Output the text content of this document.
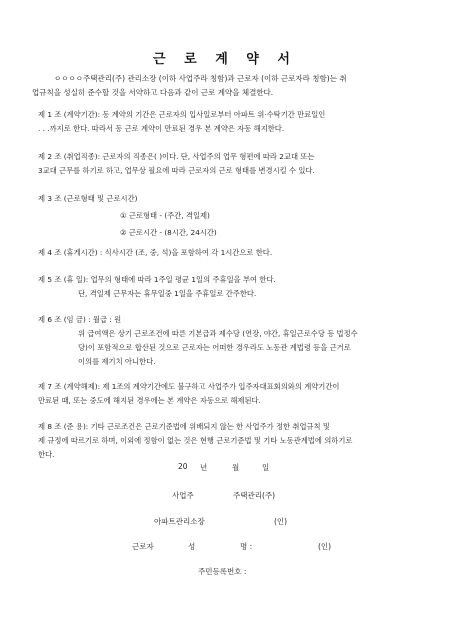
근 로 계 약 서
ㅇㅇㅇㅇ주택관리(주) 관리소장 (이하 사업주라 칭함)과 근로자 (이하 근로자라 칭함)는 취
업규칙을 성실히 준수할 것을 서약하고 다음과 같이 근로 계약을 체결한다.
제 1 조 (계약기간): 동 계약의 기간은 근로자의 입사일로부터 아파트 위·수탁기간 만료일인
. . .까지로 한다. 따라서 동 근로 계약이 만료된 경우 본 계약은 자동 해지한다.
제 2 조 (취업직종): 근로자의 직종은( )이다. 단, 사업주의 업무 형편에 따라 2교대 또는
3교대 근무를 하기로 하고, 업무상 필요에 따라 근로자의 근로 형태를 변경시킬 수 있다.
제 3 조 (근로형태 및 근로시간)
① 근로형태 - (주간, 격일제)
② 근로시간 - (8시간, 24시간)
제 4 조 (휴게시간) : 식사시간 (조, 중, 석)을 포함하여 각 1시간으로 한다.
제 5 조 (휴 일): 업무의 형태에 따라 1주일 평균 1일의 주휴일을 부여 한다.
단, 격일제 근무자는 휴무일중 1일을 주휴일로 간주한다.
제 6 조 (임 금) : 월급 : 원
위 급여액은 상기 근로조건에 따른 기본급과 제수당 (연장, 야간, 휴일근로수당 등 법정수
당)이 포함적으로 합산된 것으로 근로자는 어떠한 경우라도 노동관 계법령 등을 근거로
이의를 제기치 아니한다.
제 7 조 (계약해제): 제 1조의 계약기간에도 불구하고 사업주가 입주자대표회의와의 계약기간이
만료된 때, 또는 중도에 해지된 경우에는 본 계약은 자동으로 해제된다.
제 8 조 (준 용): 기타 근로조건은 근로기준법에 위배되지 않는 한 사업주가 정한 취업규칙 및
제 규정에 따르기로 하며, 이외에 정함이 없는 것은 현행 근로기준법 및 기타 노동관계법에 의하기로
한다.
20 년	월	일
사업주	주택관리(주)
아파트관리소장	(인)
근로자	성	명 :	(인)
주민등록번호 :
